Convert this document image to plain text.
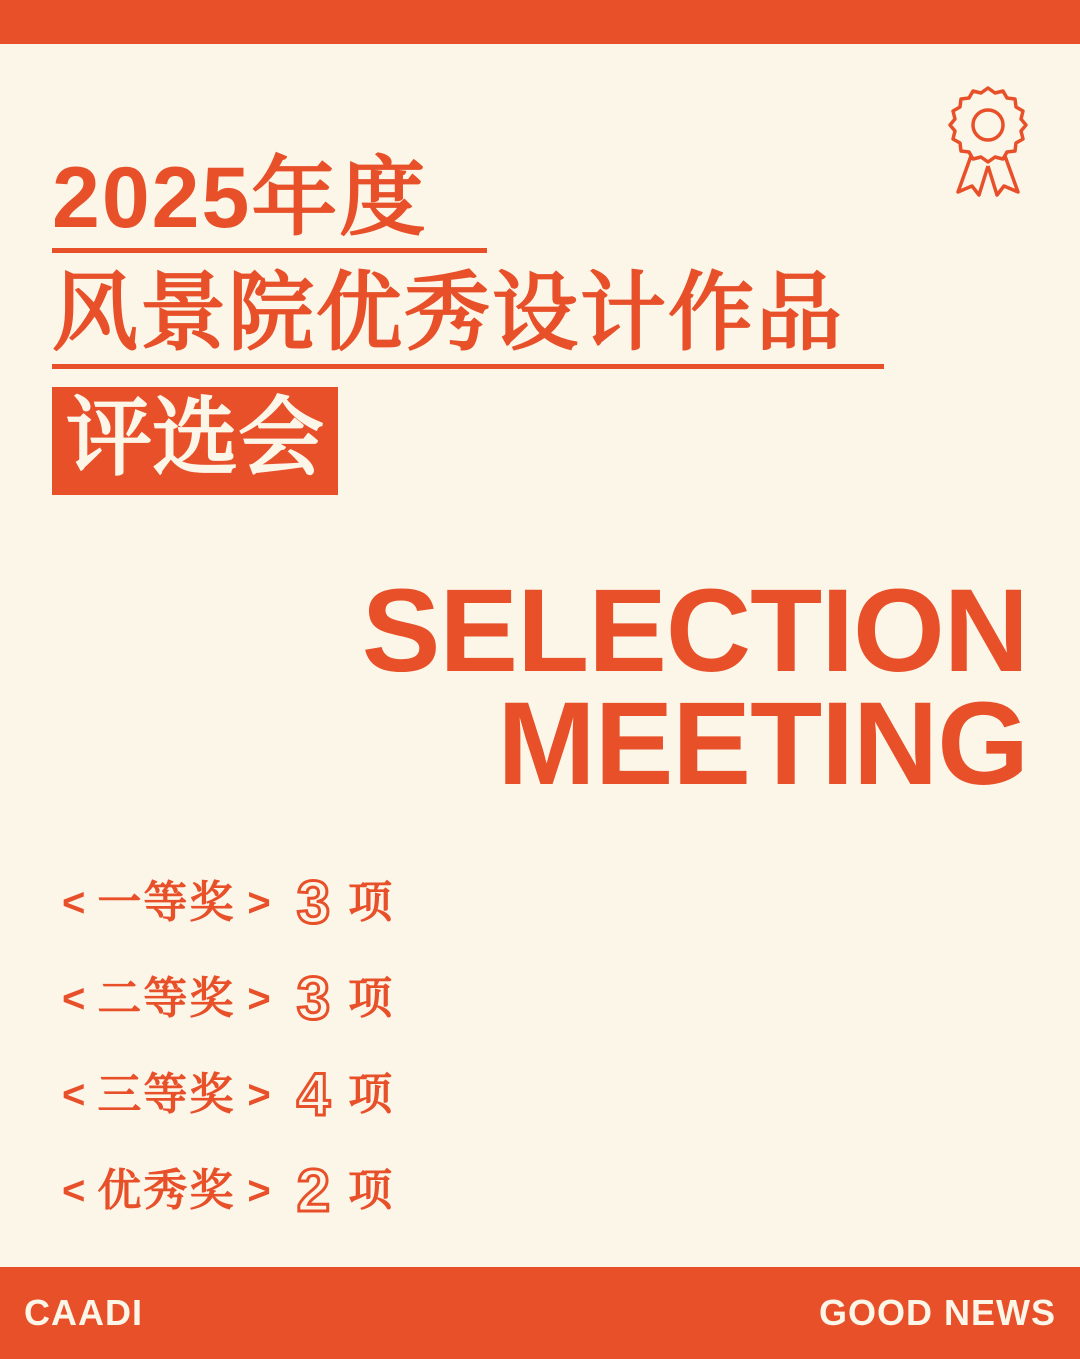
2025年度
风景院优秀设计作品
评选会
SELECTION
MEETING
< 一等奖 > 3 项
< 二等奖 > 3 项
< 三等奖 > 4 项
< 优秀奖 > 2 项
CAADI	GOOD NEWS
